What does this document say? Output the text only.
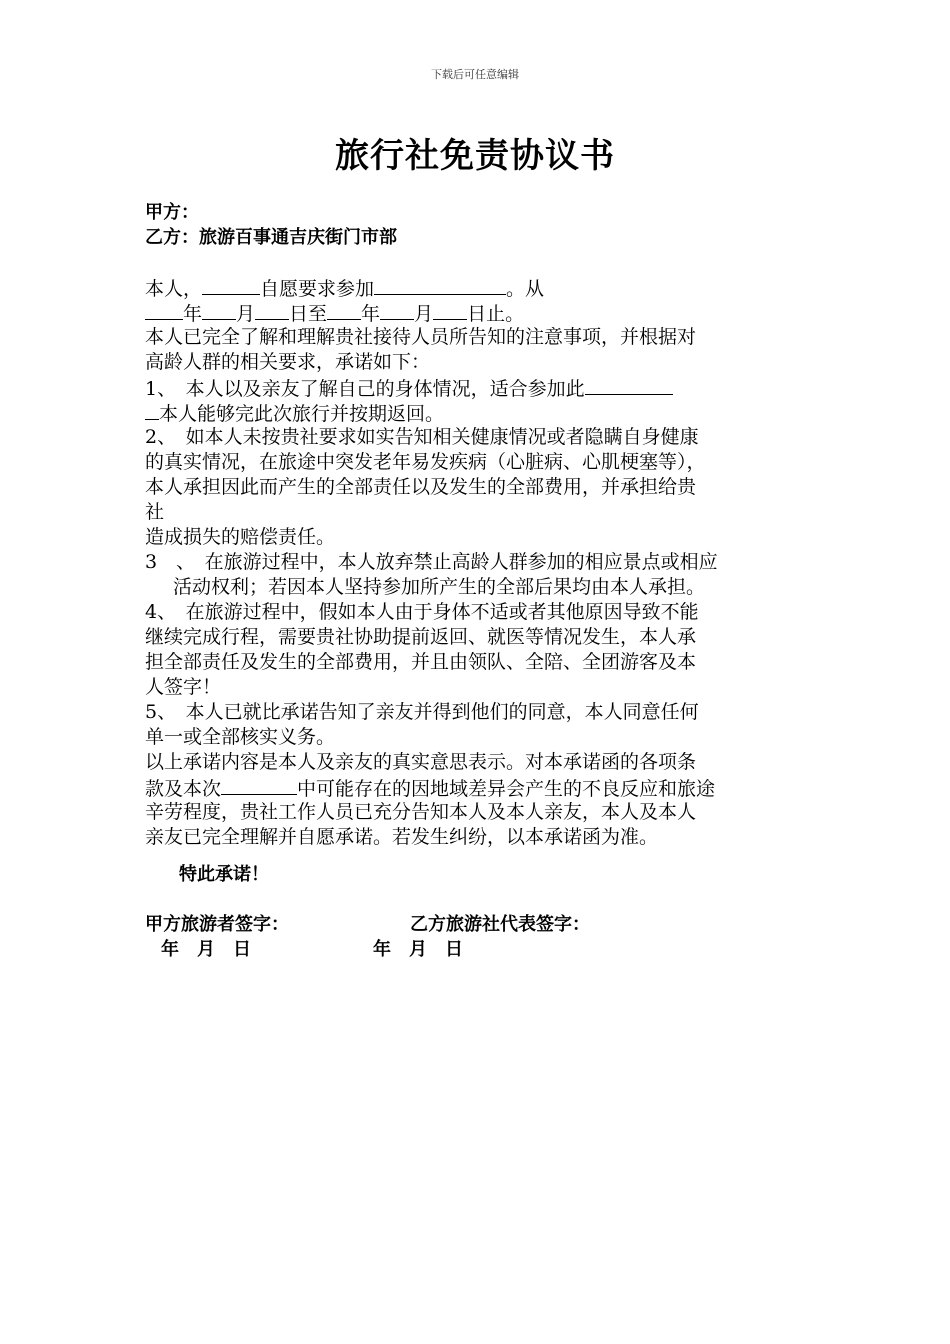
下载后可任意编辑
旅行社免责协议书
甲方：
乙方：旅游百事通吉庆街门市部
本人，	自愿要求参加	。从
年 月 日至 年 月 日止。
本人已完全了解和理解贵社接待人员所告知的注意事项，并根据对
高龄人群的相关要求，承诺如下：
1、　本人以及亲友了解自己的身体情况，适合参加此
本人能够完此次旅行并按期返回。
2、　如本人未按贵社要求如实告知相关健康情况或者隐瞒自身健康
的真实情况，在旅途中突发老年易发疾病（心脏病、心肌梗塞等），
本人承担因此而产生的全部责任以及发生的全部费用，并承担给贵
社
造成损失的赔偿责任。
3　、　在旅游过程中，本人放弃禁止高龄人群参加的相应景点或相应
活动权利；若因本人坚持参加所产生的全部后果均由本人承担。
4、　在旅游过程中，假如本人由于身体不适或者其他原因导致不能
继续完成行程，需要贵社协助提前返回、就医等情况发生，本人承
担全部责任及发生的全部费用，并且由领队、全陪、全团游客及本
人签字！
5、　本人已就比承诺告知了亲友并得到他们的同意，本人同意任何
单一或全部核实义务。
以上承诺内容是本人及亲友的真实意思表示。对本承诺函的各项条
款及本次	中可能存在的因地域差异会产生的不良反应和旅途
辛劳程度，贵社工作人员已充分告知本人及本人亲友，本人及本人
亲友已完全理解并自愿承诺。若发生纠纷，以本承诺函为准。
特此承诺！
甲方旅游者签字：	乙方旅游社代表签字：
年　月　日	年　月　日
